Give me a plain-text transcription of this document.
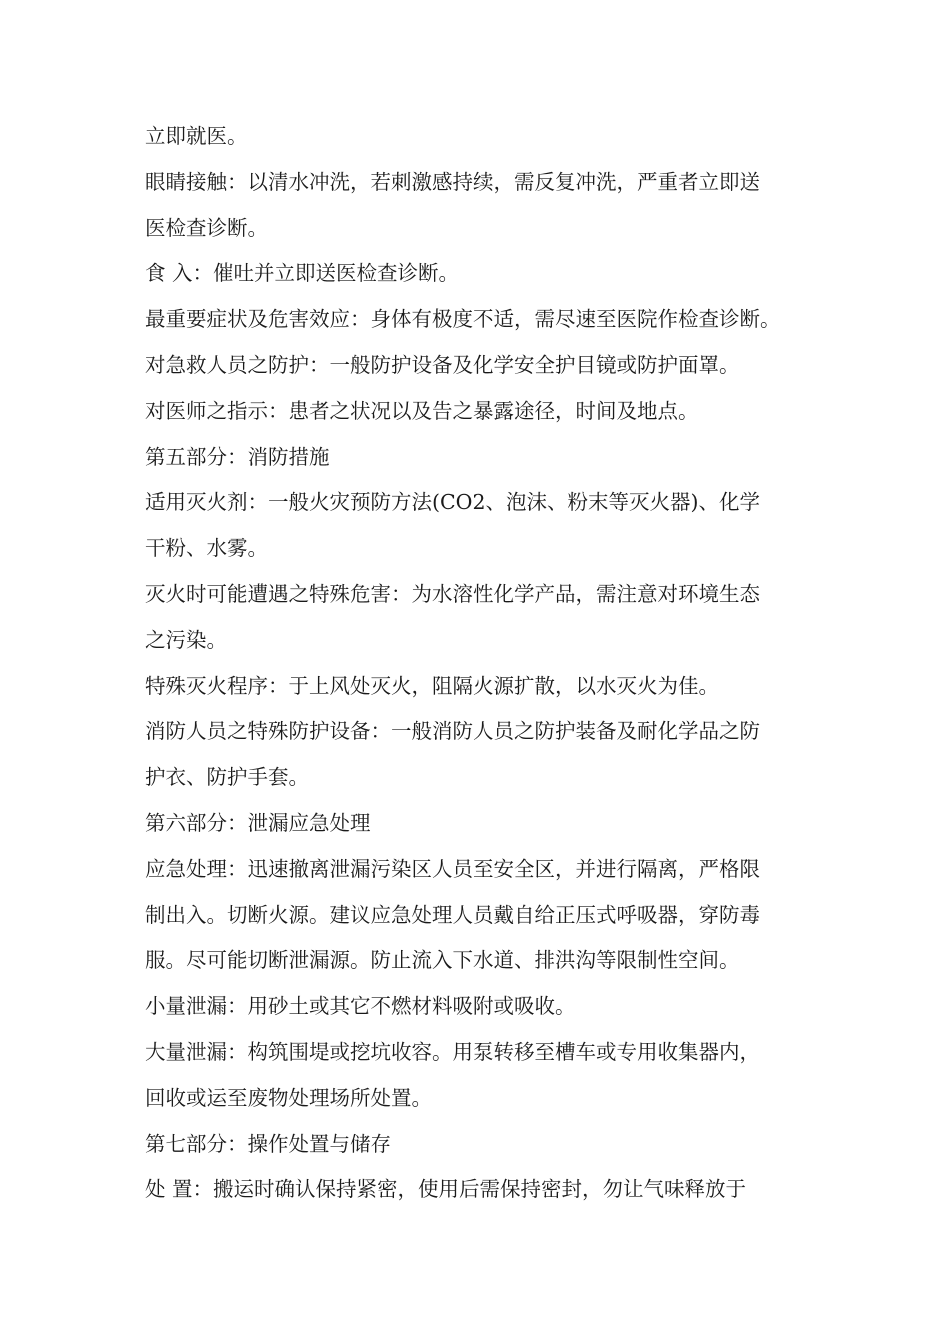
立即就医。
眼睛接触：以清水冲洗，若刺激感持续，需反复冲洗，严重者立即送
医检查诊断。
食 入：催吐并立即送医检查诊断。
最重要症状及危害效应：身体有极度不适，需尽速至医院作检查诊断。
对急救人员之防护：一般防护设备及化学安全护目镜或防护面罩。
对医师之指示：患者之状况以及告之暴露途径，时间及地点。
第五部分：消防措施
适用灭火剂：一般火灾预防方法(CO2、泡沫、粉末等灭火器)、化学
干粉、水雾。
灭火时可能遭遇之特殊危害：为水溶性化学产品，需注意对环境生态
之污染。
特殊灭火程序：于上风处灭火，阻隔火源扩散，以水灭火为佳。
消防人员之特殊防护设备：一般消防人员之防护装备及耐化学品之防
护衣、防护手套。
第六部分：泄漏应急处理
应急处理：迅速撤离泄漏污染区人员至安全区，并进行隔离，严格限
制出入。切断火源。建议应急处理人员戴自给正压式呼吸器，穿防毒
服。尽可能切断泄漏源。防止流入下水道、排洪沟等限制性空间。
小量泄漏：用砂土或其它不燃材料吸附或吸收。
大量泄漏：构筑围堤或挖坑收容。用泵转移至槽车或专用收集器内，
回收或运至废物处理场所处置。
第七部分：操作处置与储存
处 置：搬运时确认保持紧密，使用后需保持密封，勿让气味释放于
